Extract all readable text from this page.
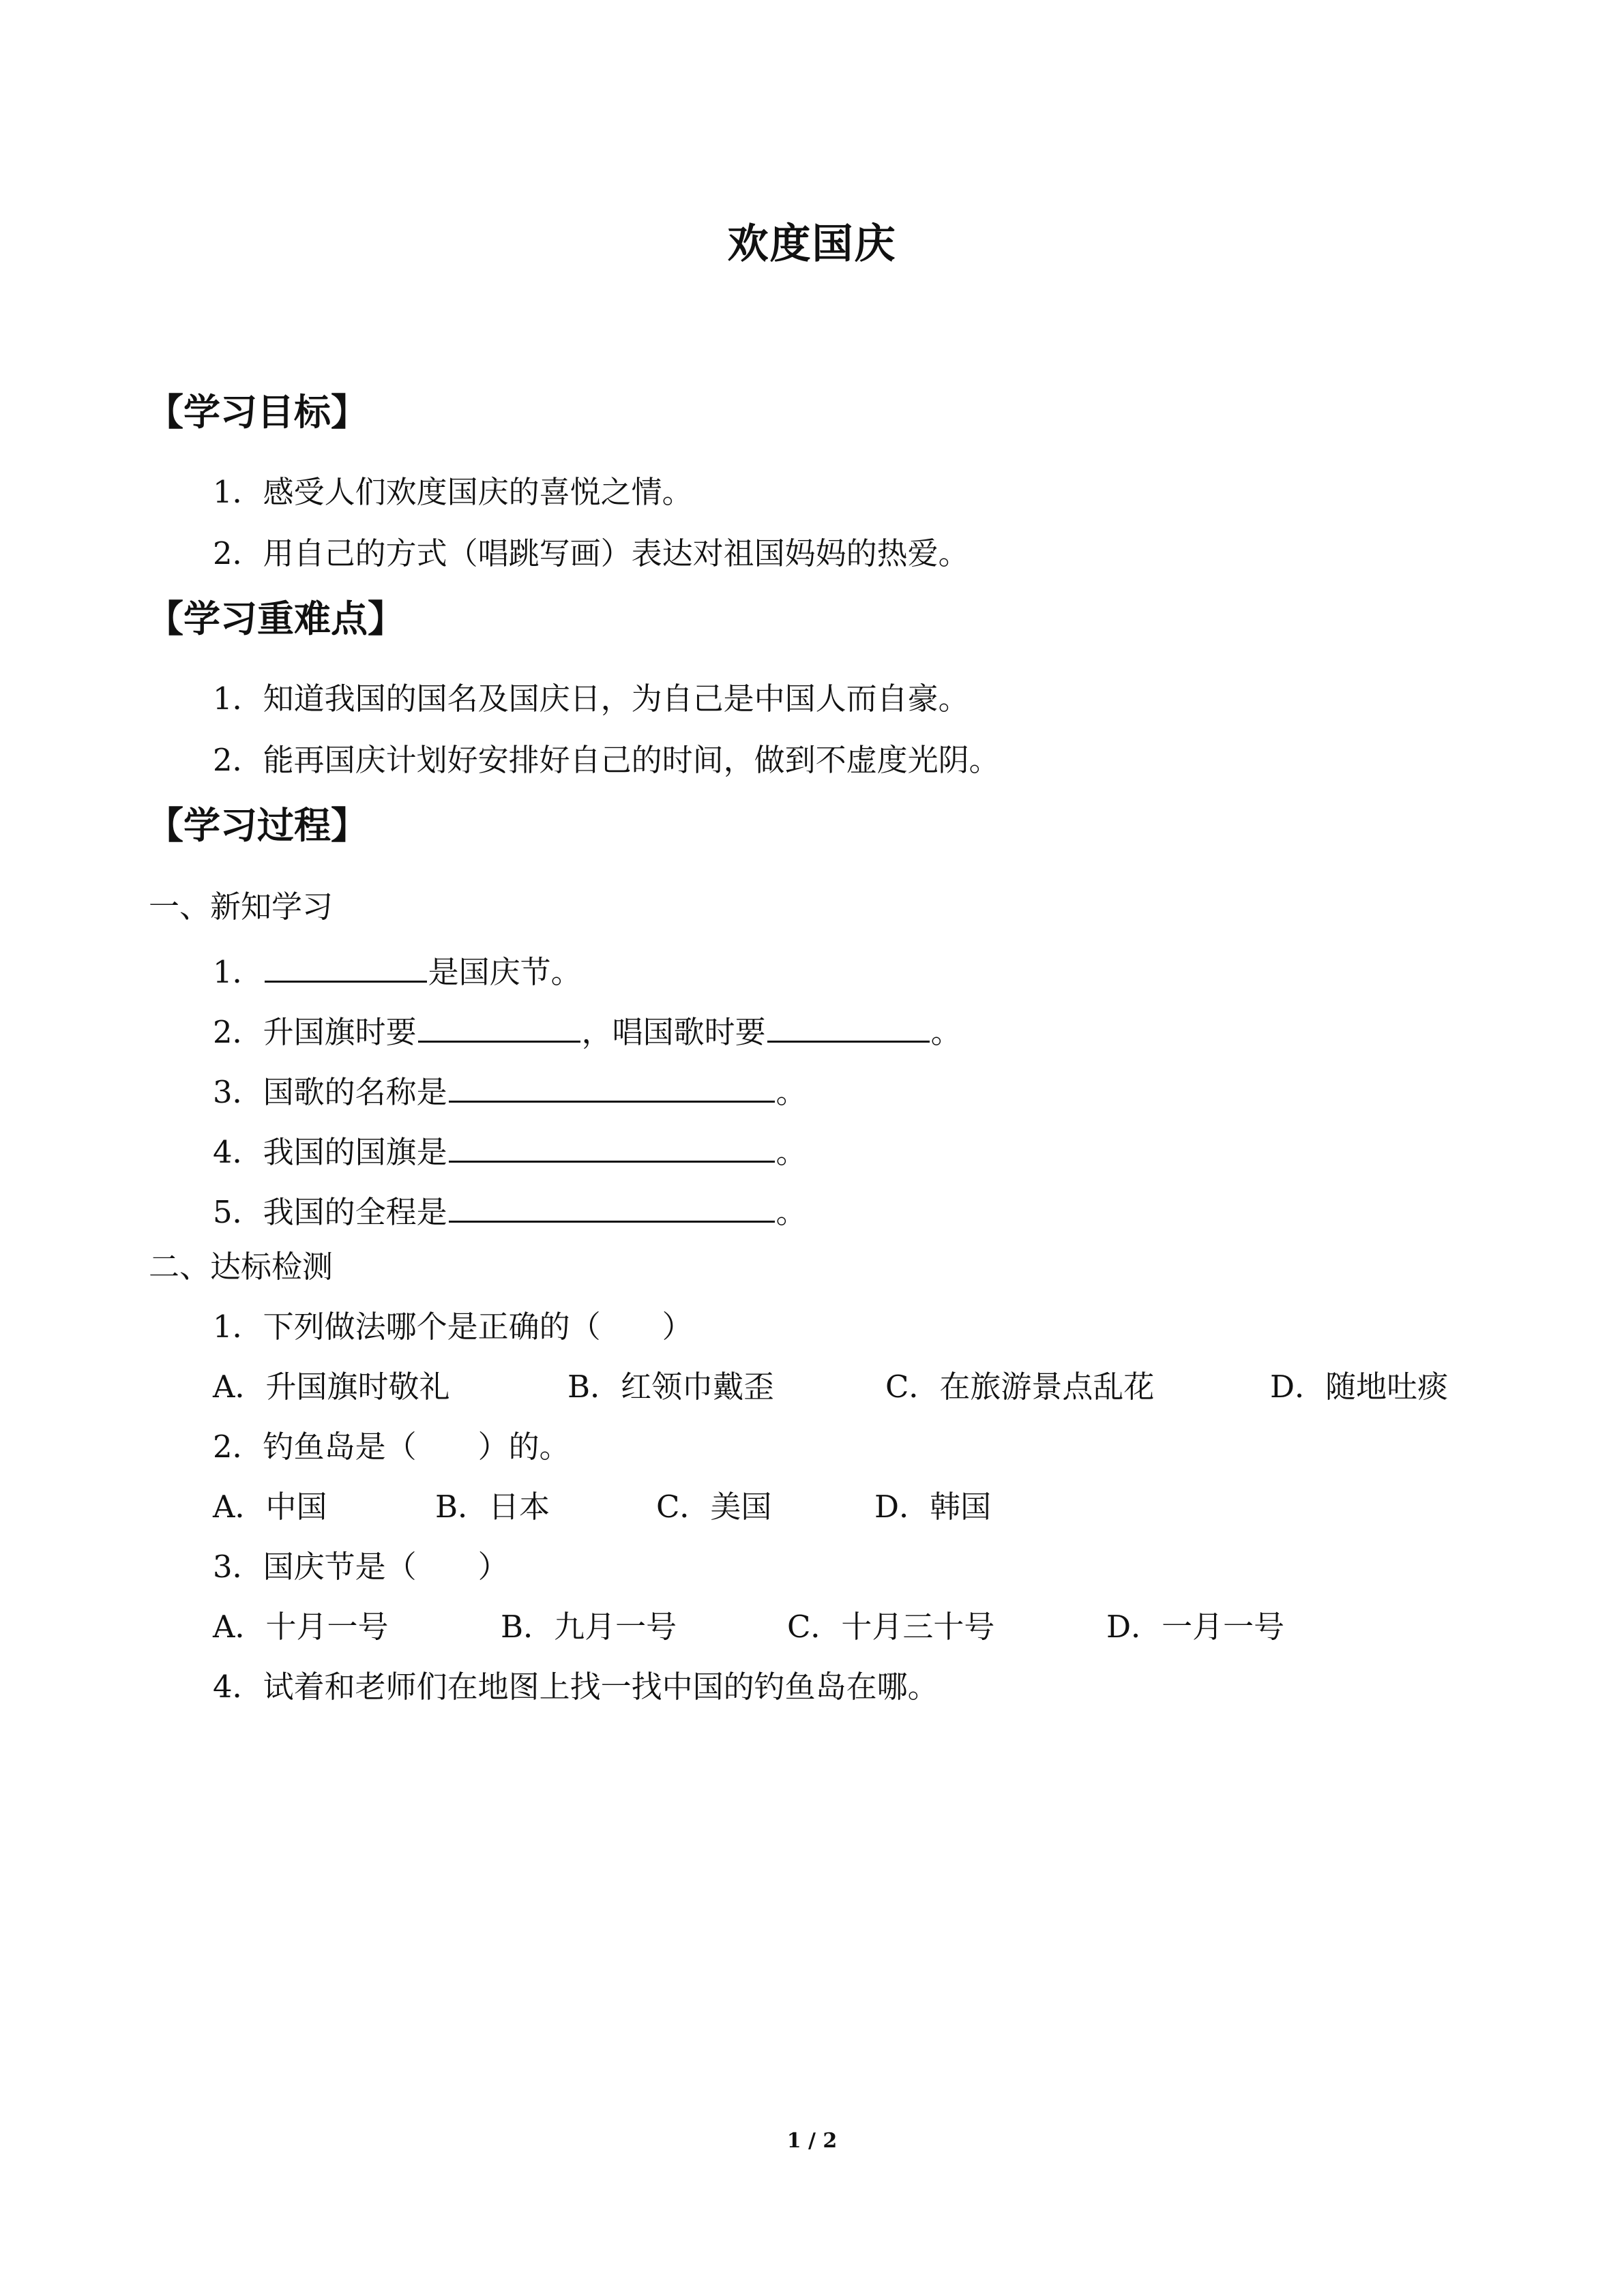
欢度国庆
【学习目标】
1．感受人们欢度国庆的喜悦之情。
2．用自己的方式（唱跳写画）表达对祖国妈妈的热爱。
【学习重难点】
1．知道我国的国名及国庆日，为自己是中国人而自豪。
2．能再国庆计划好安排好自己的时间，做到不虚度光阴。
【学习过程】
一、新知学习
1．	是国庆节。
2．升国旗时要	，唱国歌时要	。
3．国歌的名称是	。
4．我国的国旗是	。
5．我国的全程是	。
二、达标检测
1．下列做法哪个是正确的（　　）
A．升国旗时敬礼	B．红领巾戴歪	C．在旅游景点乱花	D．随地吐痰
2．钓鱼岛是（　　）的。
A．中国	B．日本	C．美国	D．韩国
3．国庆节是（　　）
A．十月一号	B．九月一号	C．十月三十号	D．一月一号
4．试着和老师们在地图上找一找中国的钓鱼岛在哪。
1 / 2
